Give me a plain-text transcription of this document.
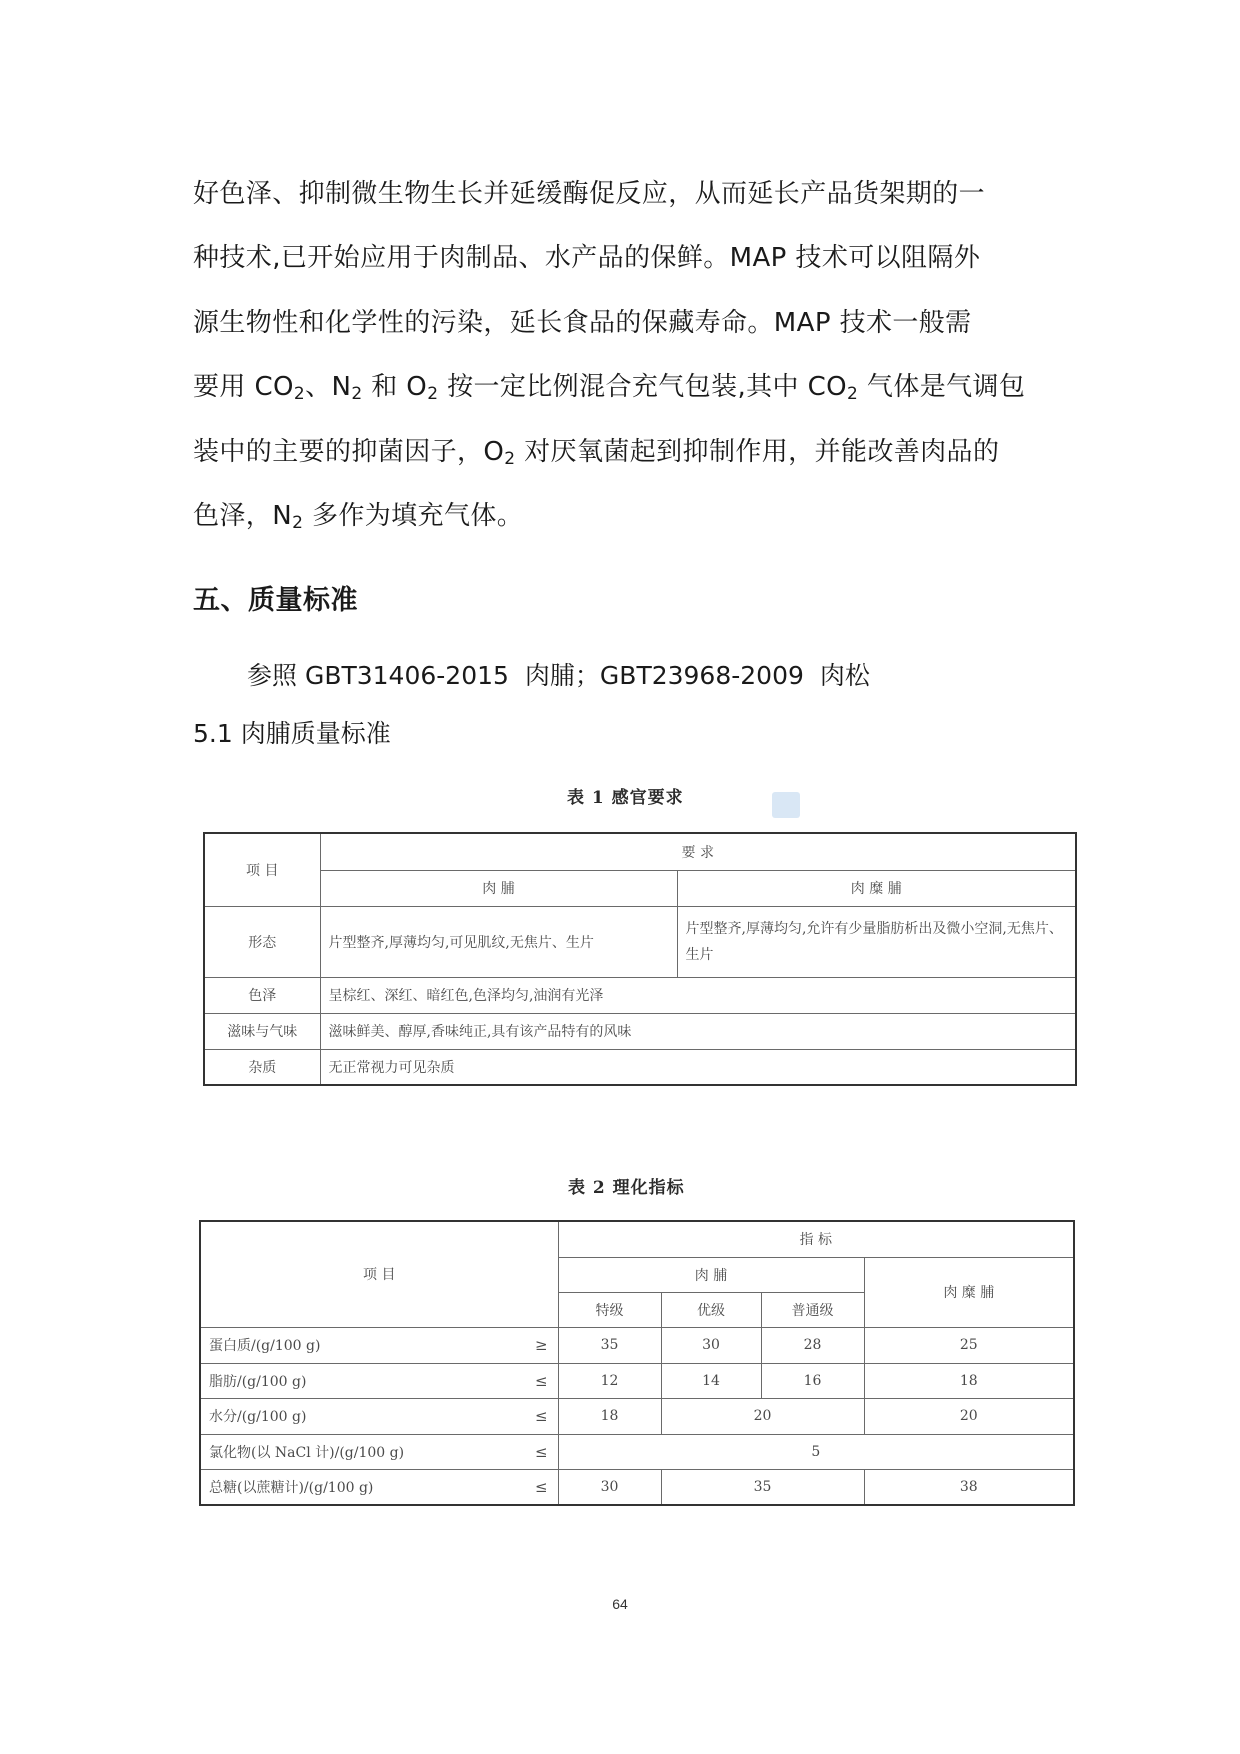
好色泽、抑制微生物生长并延缓酶促反应，从而延长产品货架期的一
种技术,已开始应用于肉制品、水产品的保鲜。MAP 技术可以阻隔外
源生物性和化学性的污染，延长食品的保藏寿命。MAP 技术一般需
要用 $CO_2$、$N_2$ 和 $O_2$ 按一定比例混合充气包装,其中 $CO_2$ 气体是气调包
装中的主要的抑菌因子，$O_2$ 对厌氧菌起到抑制作用，并能改善肉品的
色泽，$N_2$ 多作为填充气体。

五、质量标准

参照 GBT31406-2015 肉脯；GBT23968-2009 肉松

5.1 肉脯质量标准

表 1 感官要求
项 目	要 求	
	肉 脯	肉 糜 脯
形态	片型整齐,厚薄均匀,可见肌纹,无焦片、生片	片型整齐,厚薄均匀,允许有少量脂肪析出及微小空洞,无焦片、生片
色泽	呈棕红、深红、暗红色,色泽均匀,油润有光泽	
滋味与气味	滋味鲜美、醇厚,香味纯正,具有该产品特有的风味	
杂质	无正常视力可见杂质	
表 2 理化指标
项 目		指 标			
		肉 脯			肉 糜 脯
		特级	优级	普通级	
蛋白质/(g/100 g)	≥	35	30	28	25
脂肪/(g/100 g)	≤	12	14	16	18
水分/(g/100 g)	≤	18	20		20
氯化物(以 NaCl 计)/(g/100 g)	≤	5			
总糖(以蔗糖计)/(g/100 g)	≤	30	35		38
64
